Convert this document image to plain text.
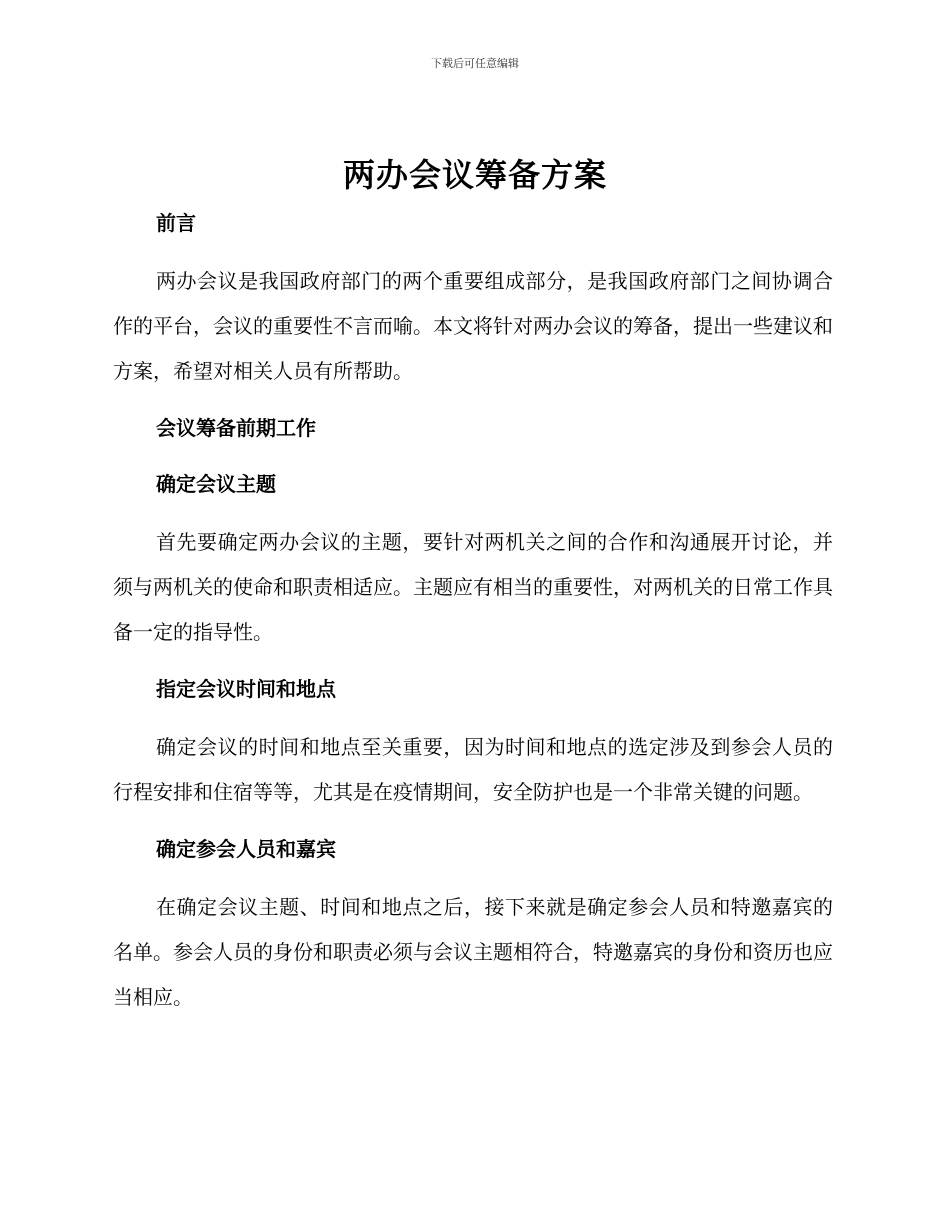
下载后可任意编辑
两办会议筹备方案
前言

两办会议是我国政府部门的两个重要组成部分，是我国政府部门之间协调合作的平台，会议的重要性不言而喻。本文将针对两办会议的筹备，提出一些建议和方案，希望对相关人员有所帮助。

会议筹备前期工作
确定会议主题

首先要确定两办会议的主题，要针对两机关之间的合作和沟通展开讨论，并须与两机关的使命和职责相适应。主题应有相当的重要性，对两机关的日常工作具备一定的指导性。

指定会议时间和地点

确定会议的时间和地点至关重要，因为时间和地点的选定涉及到参会人员的行程安排和住宿等等，尤其是在疫情期间，安全防护也是一个非常关键的问题。

确定参会人员和嘉宾

在确定会议主题、时间和地点之后，接下来就是确定参会人员和特邀嘉宾的名单。参会人员的身份和职责必须与会议主题相符合，特邀嘉宾的身份和资历也应当相应。
